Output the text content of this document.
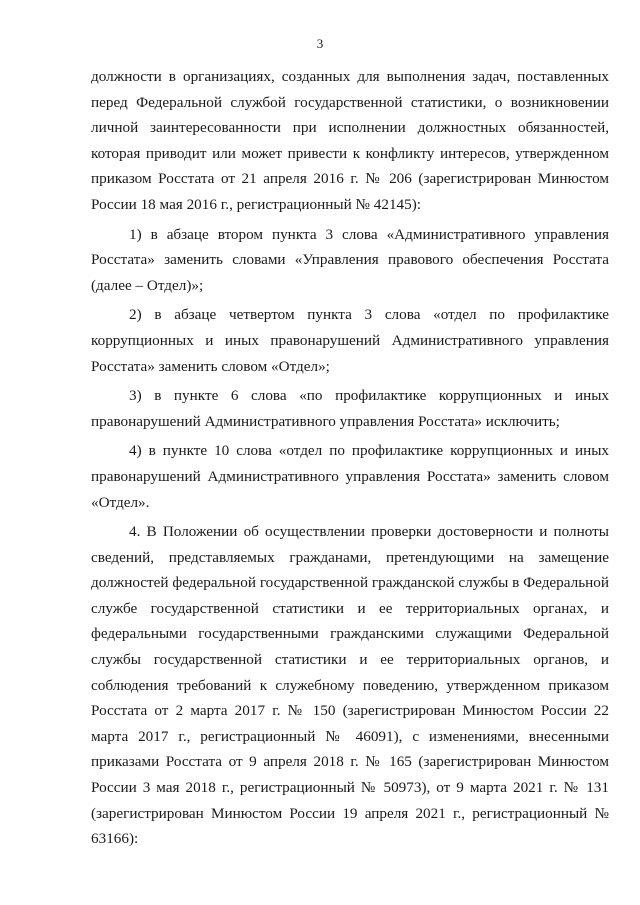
3

должности в организациях, созданных для выполнения задач, поставленных перед Федеральной службой государственной статистики, о возникновении личной заинтересованности при исполнении должностных обязанностей, которая приводит или может привести к конфликту интересов, утвержденном приказом Росстата от 21 апреля 2016 г. № 206 (зарегистрирован Минюстом России 18 мая 2016 г., регистрационный № 42145):

1) в абзаце втором пункта 3 слова «Административного управления Росстата» заменить словами «Управления правового обеспечения Росстата (далее – Отдел)»;

2) в абзаце четвертом пункта 3 слова «отдел по профилактике коррупционных и иных правонарушений Административного управления Росстата» заменить словом «Отдел»;

3) в пункте 6 слова «по профилактике коррупционных и иных правонарушений Административного управления Росстата» исключить;

4) в пункте 10 слова «отдел по профилактике коррупционных и иных правонарушений Административного управления Росстата» заменить словом «Отдел».

4. В Положении об осуществлении проверки достоверности и полноты сведений, представляемых гражданами, претендующими на замещение должностей федеральной государственной гражданской службы в Федеральной службе государственной статистики и ее территориальных органах, и федеральными государственными гражданскими служащими Федеральной службы государственной статистики и ее территориальных органов, и соблюдения требований к служебному поведению, утвержденном приказом Росстата от 2 марта 2017 г. № 150 (зарегистрирован Минюстом России 22 марта 2017 г., регистрационный № 46091), с изменениями, внесенными приказами Росстата от 9 апреля 2018 г. № 165 (зарегистрирован Минюстом России 3 мая 2018 г., регистрационный № 50973), от 9 марта 2021 г. № 131 (зарегистрирован Минюстом России 19 апреля 2021 г., регистрационный № 63166):
